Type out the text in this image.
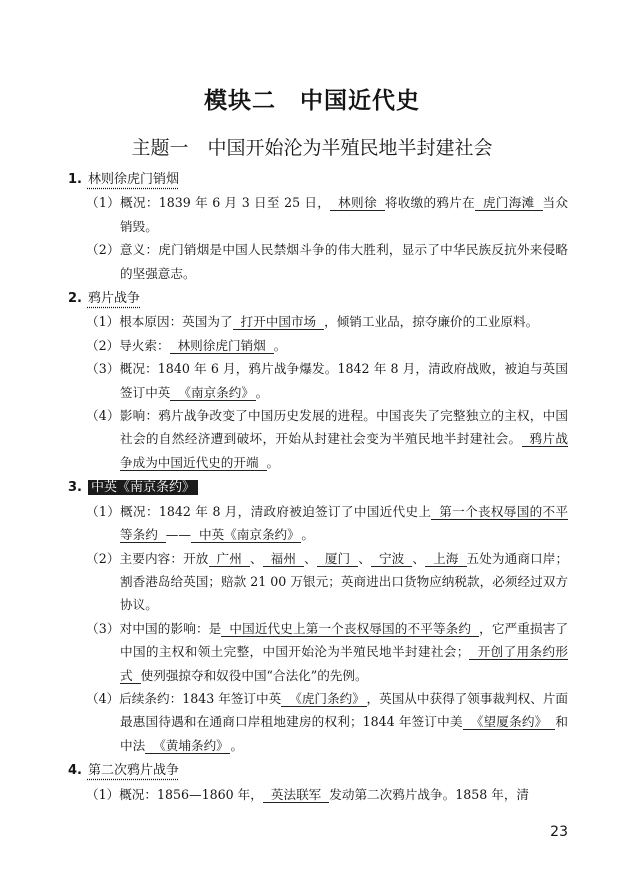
模块二　中国近代史
主题一　中国开始沦为半殖民地半封建社会
1. 林则徐虎门销烟
（1）概况：1839 年 6 月 3 日至 25 日， 林则徐 将收缴的鸦片在 虎门海滩 当众销毁。
（2）意义：虎门销烟是中国人民禁烟斗争的伟大胜利，显示了中华民族反抗外来侵略的坚强意志。
2. 鸦片战争
（1）根本原因：英国为了 打开中国市场 ，倾销工业品，掠夺廉价的工业原料。
（2）导火索： 林则徐虎门销烟 。
（3）概况：1840 年 6 月，鸦片战争爆发。1842 年 8 月，清政府战败，被迫与英国签订中英 《南京条约》 。
（4）影响：鸦片战争改变了中国历史发展的进程。中国丧失了完整独立的主权，中国社会的自然经济遭到破坏，开始从封建社会变为半殖民地半封建社会。 鸦片战争成为中国近代史的开端 。
3. 中英《南京条约》
（1）概况：1842 年 8 月，清政府被迫签订了中国近代史上 第一个丧权辱国的不平等条约 —— 中英《南京条约》 。
（2）主要内容：开放 广州 、 福州 、 厦门 、 宁波 、 上海 五处为通商口岸；割香港岛给英国；赔款 21 00 万银元；英商进出口货物应纳税款，必须经过双方协议。
（3）对中国的影响：是 中国近代史上第一个丧权辱国的不平等条约 ，它严重损害了中国的主权和领土完整，中国开始沦为半殖民地半封建社会； 开创了用条约形式 使列强掠夺和奴役中国“合法化”的先例。
（4）后续条约：1843 年签订中英 《虎门条约》 ，英国从中获得了领事裁判权、片面最惠国待遇和在通商口岸租地建房的权利；1844 年签订中美 《望厦条约》 和中法 《黄埔条约》 。
4. 第二次鸦片战争
（1）概况：1856—1860 年， 英法联军 发动第二次鸦片战争。1858 年，清
23
